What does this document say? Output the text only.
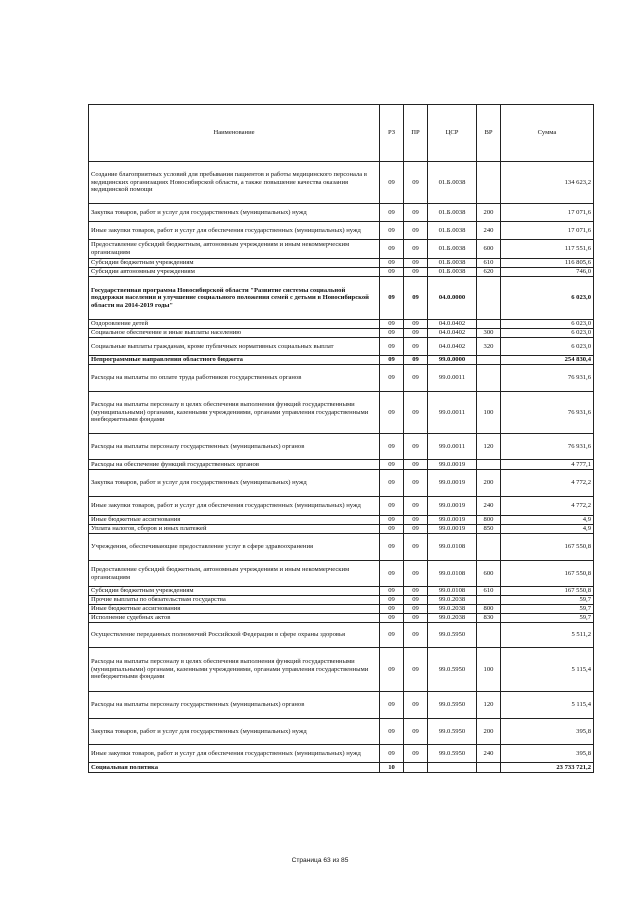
Наименование	РЗ	ПР	ЦСР	ВР	Сумма
Создание благоприятных условий для пребывания пациентов и работы медицинского персонала в медицинских организациях Новосибирской области, а также повышение качества оказания медицинской помощи	09	09	01.Б.0038		134 623,2
Закупка товаров, работ и услуг для государственных (муниципальных) нужд	09	09	01.Б.0038	200	17 071,6
Иные закупки товаров, работ и услуг для обеспечения государственных (муниципальных) нужд	09	09	01.Б.0038	240	17 071,6
Предоставление субсидий бюджетным, автономным учреждениям и иным некоммерческим организациям	09	09	01.Б.0038	600	117 551,6
Субсидии бюджетным учреждениям	09	09	01.Б.0038	610	116 805,6
Субсидии автономным учреждениям	09	09	01.Б.0038	620	746,0
Государственная программа Новосибирской области "Развитие системы социальной поддержки населения и улучшение социального положения семей с детьми в Новосибирской области на 2014-2019 годы"	09	09	04.0.0000		6 023,0
Оздоровление детей	09	09	04.0.0402		6 023,0
Социальное обеспечение и иные выплаты населению	09	09	04.0.0402	300	6 023,0
Социальные выплаты гражданам, кроме публичных нормативных социальных выплат	09	09	04.0.0402	320	6 023,0
Непрограммные направления областного бюджета	09	09	99.0.0000		254 830,4
Расходы на выплаты по оплате труда работников государственных органов	09	09	99.0.0011		76 931,6
Расходы на выплаты персоналу в целях обеспечения выполнения функций государственными (муниципальными) органами, казенными учреждениями, органами управления государственными внебюджетными фондами	09	09	99.0.0011	100	76 931,6
Расходы на выплаты персоналу государственных (муниципальных) органов	09	09	99.0.0011	120	76 931,6
Расходы на обеспечение функций государственных органов	09	09	99.0.0019		4 777,1
Закупка товаров, работ и услуг для государственных (муниципальных) нужд	09	09	99.0.0019	200	4 772,2
Иные закупки товаров, работ и услуг для обеспечения государственных (муниципальных) нужд	09	09	99.0.0019	240	4 772,2
Иные бюджетные ассигнования	09	09	99.0.0019	800	4,9
Уплата налогов, сборов и иных платежей	09	09	99.0.0019	850	4,9
Учреждения, обеспечивающие предоставление услуг в сфере здравоохранения	09	09	99.0.0108		167 550,8
Предоставление субсидий бюджетным, автономным учреждениям и иным некоммерческим организациям	09	09	99.0.0108	600	167 550,8
Субсидии бюджетным учреждениям	09	09	99.0.0108	610	167 550,8
Прочие выплаты по обязательствам государства	09	09	99.0.2038		59,7
Иные бюджетные ассигнования	09	09	99.0.2038	800	59,7
Исполнение судебных актов	09	09	99.0.2038	830	59,7
Осуществление переданных полномочий Российской Федерации в сфере охраны здоровья	09	09	99.0.5950		5 511,2
Расходы на выплаты персоналу в целях обеспечения выполнения функций государственными (муниципальными) органами, казенными учреждениями, органами управления государственными внебюджетными фондами	09	09	99.0.5950	100	5 115,4
Расходы на выплаты персоналу государственных (муниципальных) органов	09	09	99.0.5950	120	5 115,4
Закупка товаров, работ и услуг для государственных (муниципальных) нужд	09	09	99.0.5950	200	395,8
Иные закупки товаров, работ и услуг для обеспечения государственных (муниципальных) нужд	09	09	99.0.5950	240	395,8
Социальная политика	10				23 733 721,2
Страница 63 из 85
